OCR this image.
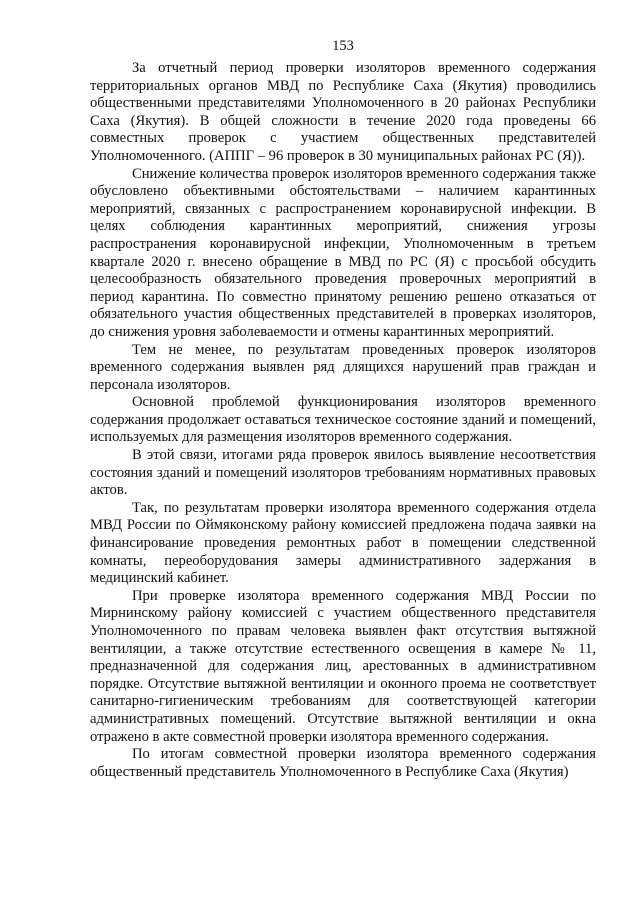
153

За отчетный период проверки изоляторов временного содержания территориальных органов МВД по Республике Саха (Якутия) проводились общественными представителями Уполномоченного в 20 районах Республики Саха (Якутия). В общей сложности в течение 2020 года проведены 66 совместных проверок с участием общественных представителей Уполномоченного. (АППГ – 96 проверок в 30 муниципальных районах РС (Я)).

Снижение количества проверок изоляторов временного содержания также обусловлено объективными обстоятельствами – наличием карантинных мероприятий, связанных с распространением коронавирусной инфекции. В целях соблюдения карантинных мероприятий, снижения угрозы распространения коронавирусной инфекции, Уполномоченным в третьем квартале 2020 г. внесено обращение в МВД по РС (Я) с просьбой обсудить целесообразность обязательного проведения проверочных мероприятий в период карантина. По совместно принятому решению решено отказаться от обязательного участия общественных представителей в проверках изоляторов, до снижения уровня заболеваемости и отмены карантинных мероприятий.

Тем не менее, по результатам проведенных проверок изоляторов временного содержания выявлен ряд длящихся нарушений прав граждан и персонала изоляторов.

Основной проблемой функционирования изоляторов временного содержания продолжает оставаться техническое состояние зданий и помещений, используемых для размещения изоляторов временного содержания.

В этой связи, итогами ряда проверок явилось выявление несоответствия состояния зданий и помещений изоляторов требованиям нормативных правовых актов.

Так, по результатам проверки изолятора временного содержания отдела МВД России по Оймяконскому району комиссией предложена подача заявки на финансирование проведения ремонтных работ в помещении следственной комнаты, переоборудования замеры административного задержания в медицинский кабинет.

При проверке изолятора временного содержания МВД России по Мирнинскому району комиссией с участием общественного представителя Уполномоченного по правам человека выявлен факт отсутствия вытяжной вентиляции, а также отсутствие естественного освещения в камере № 11, предназначенной для содержания лиц, арестованных в административном порядке. Отсутствие вытяжной вентиляции и оконного проема не соответствует санитарно-гигиеническим требованиям для соответствующей категории административных помещений. Отсутствие вытяжной вентиляции и окна отражено в акте совместной проверки изолятора временного содержания.

По итогам совместной проверки изолятора временного содержания общественный представитель Уполномоченного в Республике Саха (Якутия)
